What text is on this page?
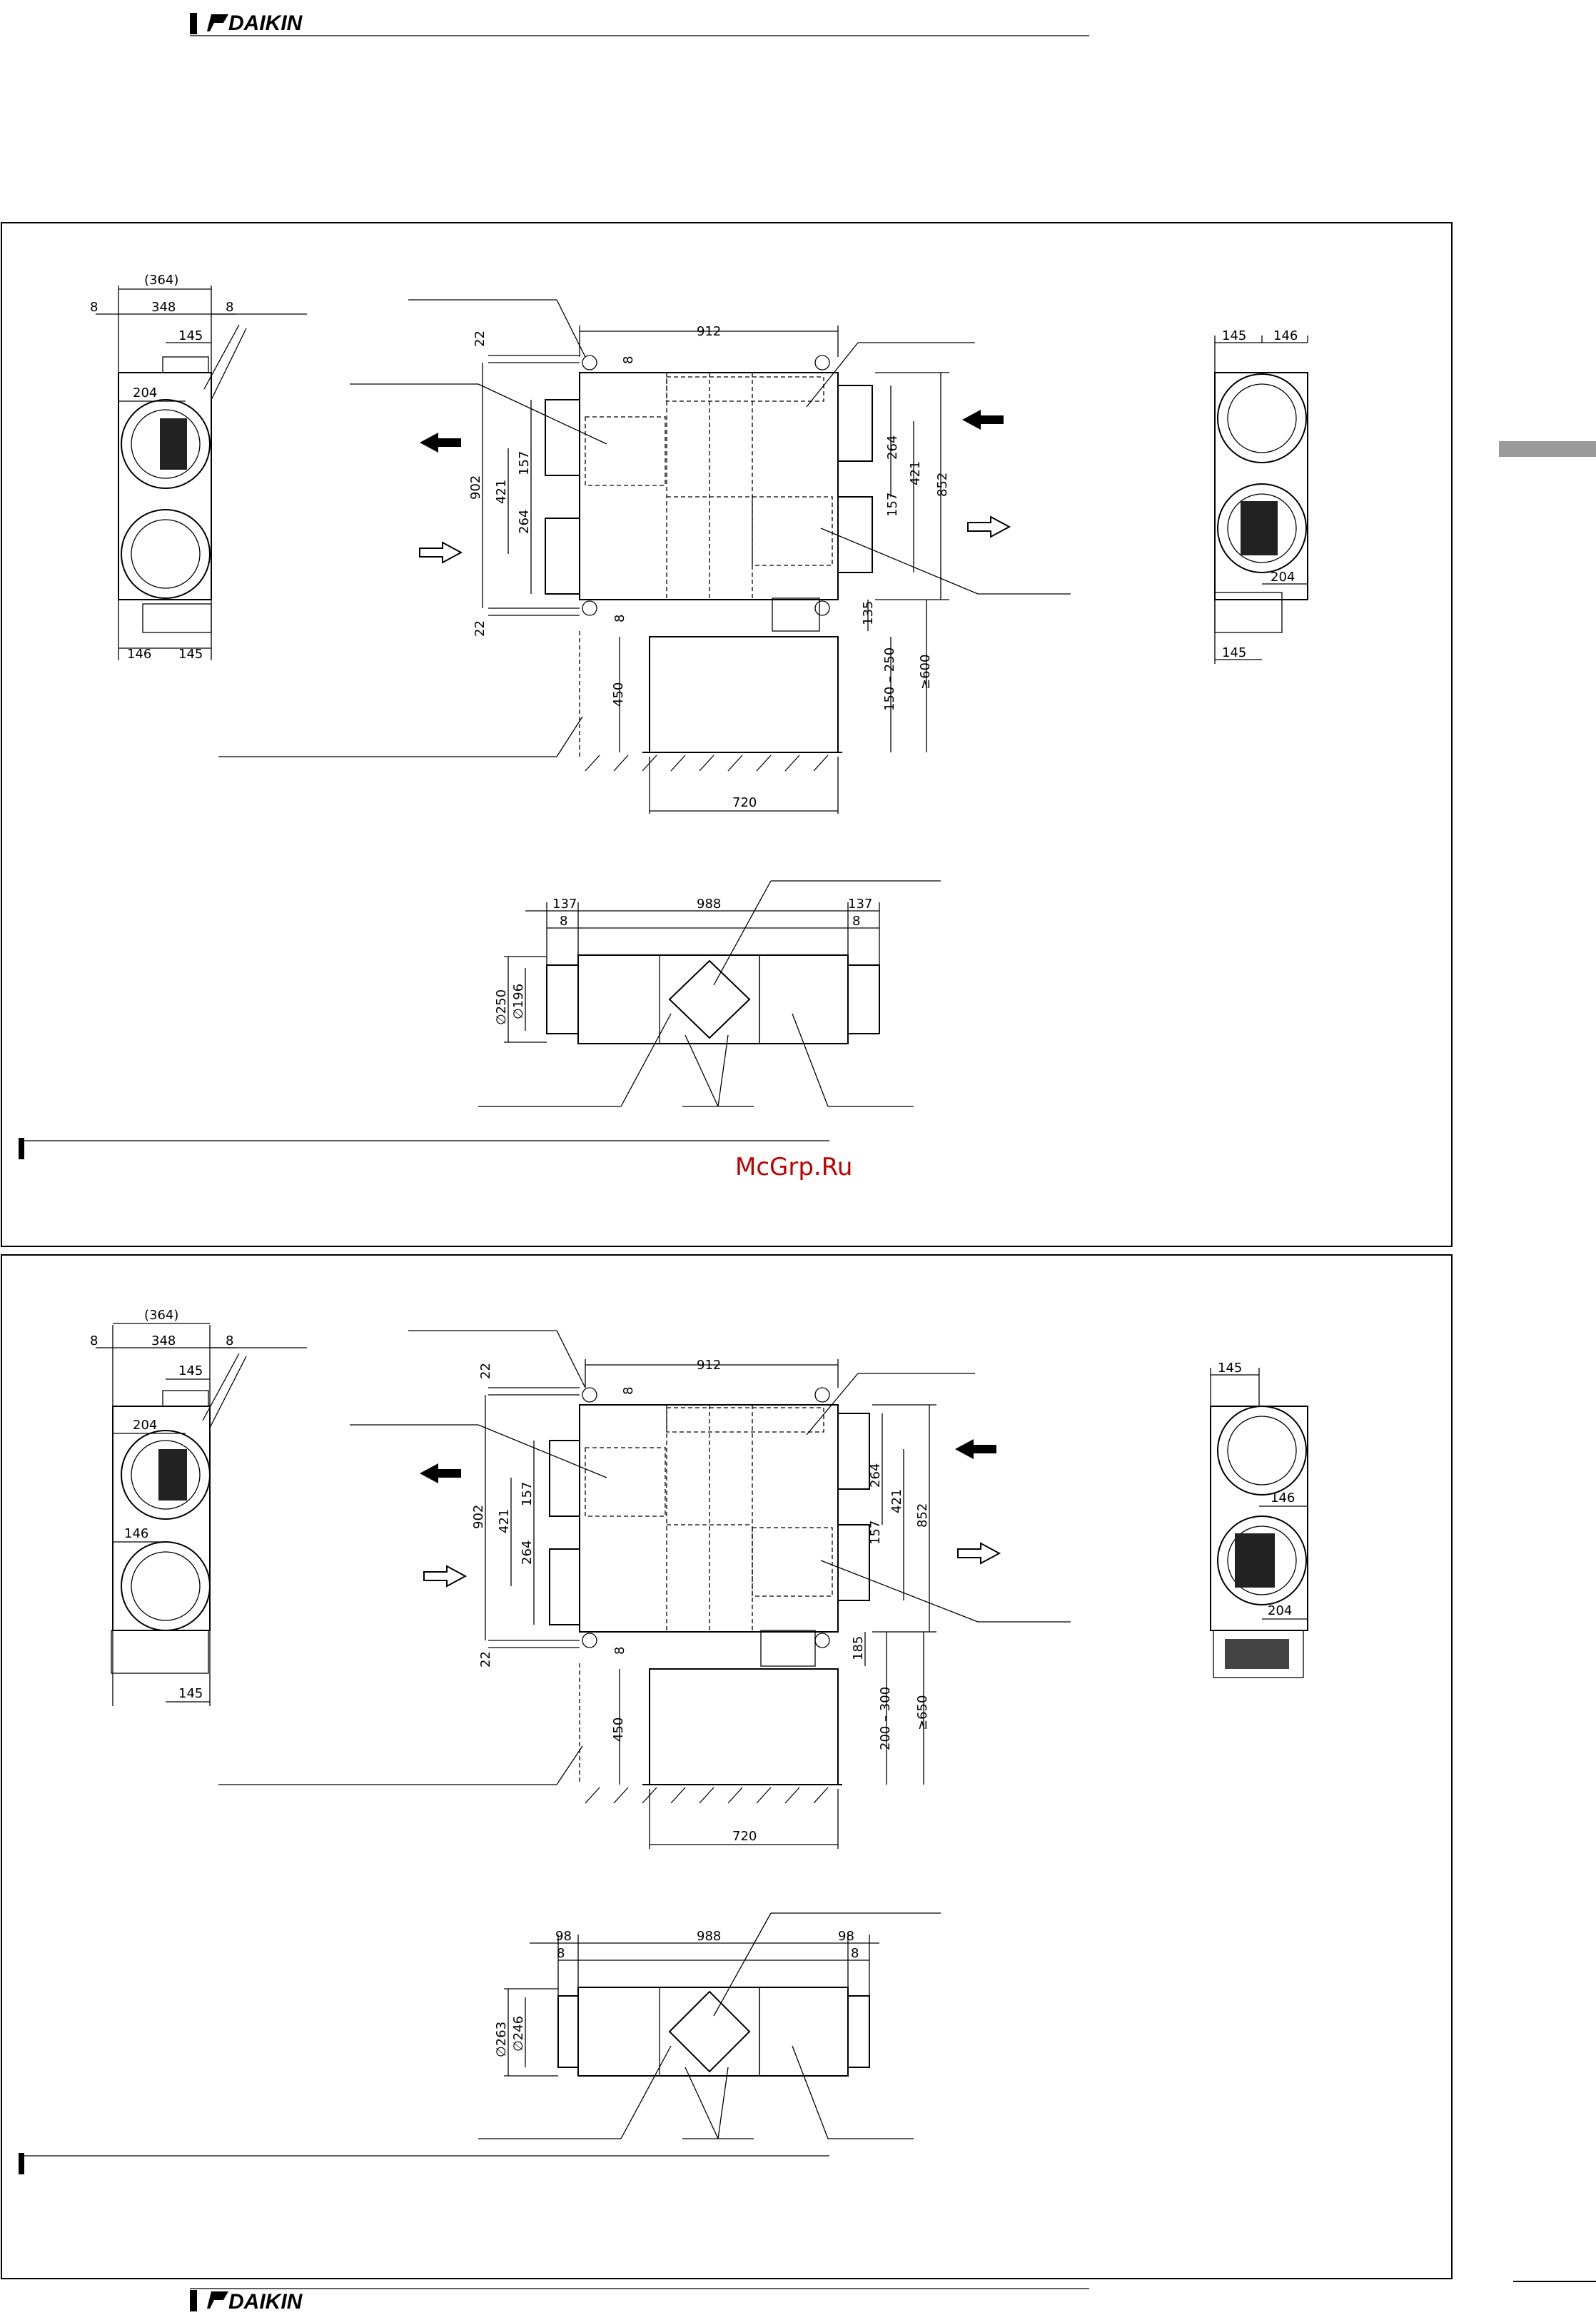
DAIKIN
(364)
8	348	8
145
204
146 145
912
22
8
902
157
421
264
8
22
264
421
157
852
135
450	150 – 250 ≥600
720
145 146
204
145
137	988	137
8	8
∅250 ∅196
McGrp.Ru
(364)
8	348	8
145
204
146
145
912
22
8
902
157
421
264
8
22
264
421
157
852
185
450	200 – 300 ≥650
720
145
146
204
98	988	98
8	8
∅263 ∅246
DAIKIN
